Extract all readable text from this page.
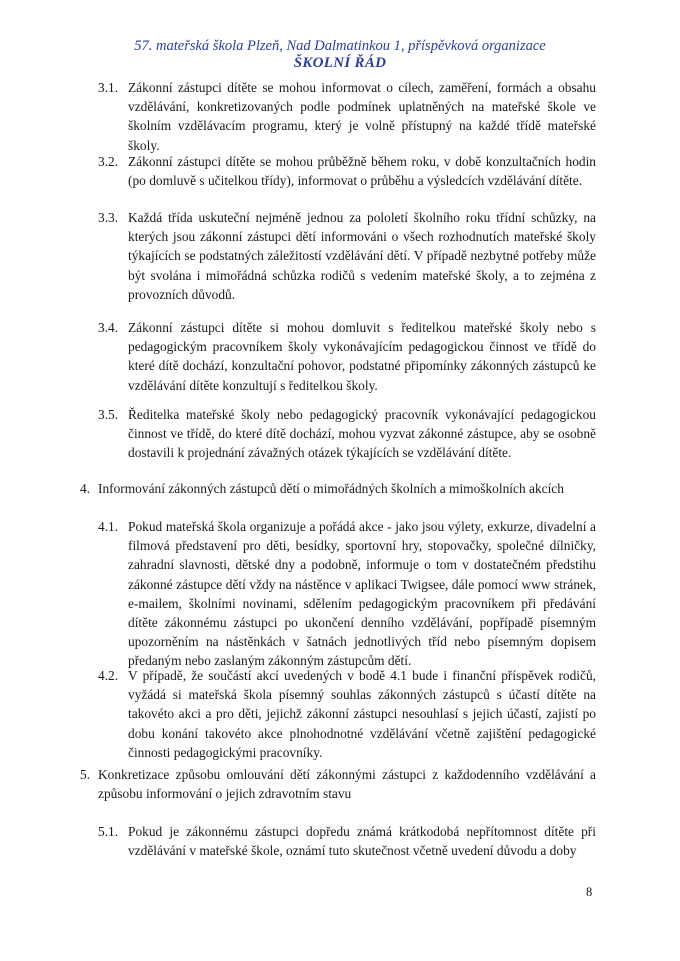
57. mateřská škola Plzeň, Nad Dalmatinkou 1, příspěvková organizace
ŠKOLNÍ ŘÁD
3.1. Zákonní zástupci dítěte se mohou informovat o cílech, zaměření, formách a obsahu vzdělávání, konkretizovaných podle podmínek uplatněných na mateřské škole ve školním vzdělávacím programu, který je volně přístupný na každé třídě mateřské školy.
3.2. Zákonní zástupci dítěte se mohou průběžně během roku, v době konzultačních hodin (po domluvě s učitelkou třídy), informovat o průběhu a výsledcích vzdělávání dítěte.
3.3. Každá třída uskuteční nejméně jednou za pololetí školního roku třídní schůzky, na kterých jsou zákonní zástupci dětí informováni o všech rozhodnutích mateřské školy týkajících se podstatných záležitostí vzdělávání dětí. V případě nezbytné potřeby může být svolána i mimořádná schůzka rodičů s vedením mateřské školy, a to zejména z provozních důvodů.
3.4. Zákonní zástupci dítěte si mohou domluvit s ředitelkou mateřské školy nebo s pedagogickým pracovníkem školy vykonávajícím pedagogickou činnost ve třídě do které dítě dochází, konzultační pohovor, podstatné připomínky zákonných zástupců ke vzdělávání dítěte konzultují s ředitelkou školy.
3.5. Ředitelka mateřské školy nebo pedagogický pracovník vykonávající pedagogickou činnost ve třídě, do které dítě dochází, mohou vyzvat zákonné zástupce, aby se osobně dostavili k projednání závažných otázek týkajících se vzdělávání dítěte.
4. Informování zákonných zástupců dětí o mimořádných školních a mimoškolních akcích
4.1. Pokud mateřská škola organizuje a pořádá akce - jako jsou výlety, exkurze, divadelní a filmová představení pro děti, besídky, sportovní hry, stopovačky, společné dílničky, zahradní slavnosti, dětské dny a podobně, informuje o tom v dostatečném předstihu zákonné zástupce dětí vždy na nástěnce v aplikaci Twigsee, dále pomocí www stránek, e-mailem, školními novinami, sdělením pedagogickým pracovníkem při předávání dítěte zákonnému zástupci po ukončení denního vzdělávání, popřípadě písemným upozorněním na nástěnkách v šatnách jednotlivých tříd nebo písemným dopisem předaným nebo zaslaným zákonným zástupcům dětí.
4.2. V případě, že součástí akcí uvedených v bodě 4.1 bude i finanční příspěvek rodičů, vyžádá si mateřská škola písemný souhlas zákonných zástupců s účastí dítěte na takovéto akci a pro děti, jejichž zákonní zástupci nesouhlasí s jejich účastí, zajistí po dobu konání takovéto akce plnohodnotné vzdělávání včetně zajištění pedagogické činnosti pedagogickými pracovníky.
5. Konkretizace způsobu omlouvání dětí zákonnými zástupci z každodenního vzdělávání a způsobu informování o jejich zdravotním stavu
5.1. Pokud je zákonnému zástupci dopředu známá krátkodobá nepřítomnost dítěte při vzdělávání v mateřské škole, oznámí tuto skutečnost včetně uvedení důvodu a doby
8
